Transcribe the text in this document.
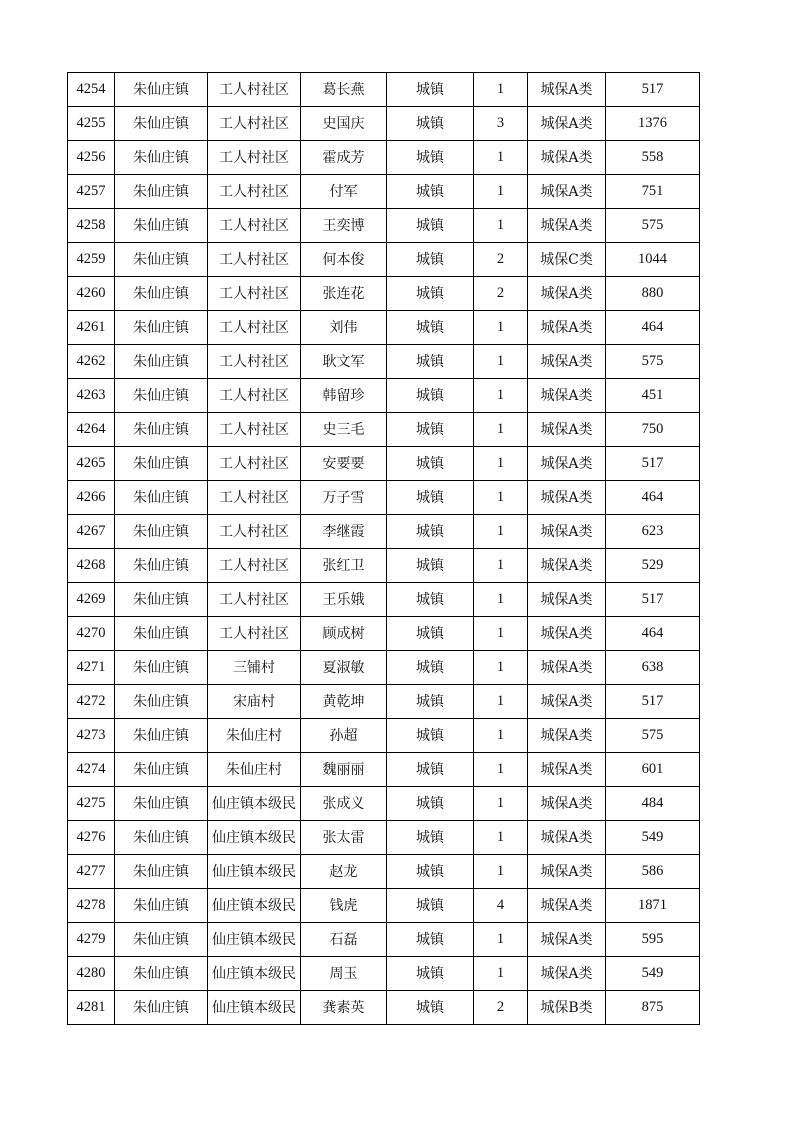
4254	朱仙庄镇	工人村社区	葛长燕	城镇	1	城保A类	517
4255	朱仙庄镇	工人村社区	史国庆	城镇	3	城保A类	1376
4256	朱仙庄镇	工人村社区	霍成芳	城镇	1	城保A类	558
4257	朱仙庄镇	工人村社区	付军	城镇	1	城保A类	751
4258	朱仙庄镇	工人村社区	王奕博	城镇	1	城保A类	575
4259	朱仙庄镇	工人村社区	何本俊	城镇	2	城保C类	1044
4260	朱仙庄镇	工人村社区	张连花	城镇	2	城保A类	880
4261	朱仙庄镇	工人村社区	刘伟	城镇	1	城保A类	464
4262	朱仙庄镇	工人村社区	耿文军	城镇	1	城保A类	575
4263	朱仙庄镇	工人村社区	韩留珍	城镇	1	城保A类	451
4264	朱仙庄镇	工人村社区	史三毛	城镇	1	城保A类	750
4265	朱仙庄镇	工人村社区	安要要	城镇	1	城保A类	517
4266	朱仙庄镇	工人村社区	万子雪	城镇	1	城保A类	464
4267	朱仙庄镇	工人村社区	李继霞	城镇	1	城保A类	623
4268	朱仙庄镇	工人村社区	张红卫	城镇	1	城保A类	529
4269	朱仙庄镇	工人村社区	王乐娥	城镇	1	城保A类	517
4270	朱仙庄镇	工人村社区	顾成树	城镇	1	城保A类	464
4271	朱仙庄镇	三铺村	夏淑敏	城镇	1	城保A类	638
4272	朱仙庄镇	宋庙村	黄乾坤	城镇	1	城保A类	517
4273	朱仙庄镇	朱仙庄村	孙超	城镇	1	城保A类	575
4274	朱仙庄镇	朱仙庄村	魏丽丽	城镇	1	城保A类	601
4275	朱仙庄镇	仙庄镇本级民	张成义	城镇	1	城保A类	484
4276	朱仙庄镇	仙庄镇本级民	张太雷	城镇	1	城保A类	549
4277	朱仙庄镇	仙庄镇本级民	赵龙	城镇	1	城保A类	586
4278	朱仙庄镇	仙庄镇本级民	钱虎	城镇	4	城保A类	1871
4279	朱仙庄镇	仙庄镇本级民	石磊	城镇	1	城保A类	595
4280	朱仙庄镇	仙庄镇本级民	周玉	城镇	1	城保A类	549
4281	朱仙庄镇	仙庄镇本级民	龚素英	城镇	2	城保B类	875
